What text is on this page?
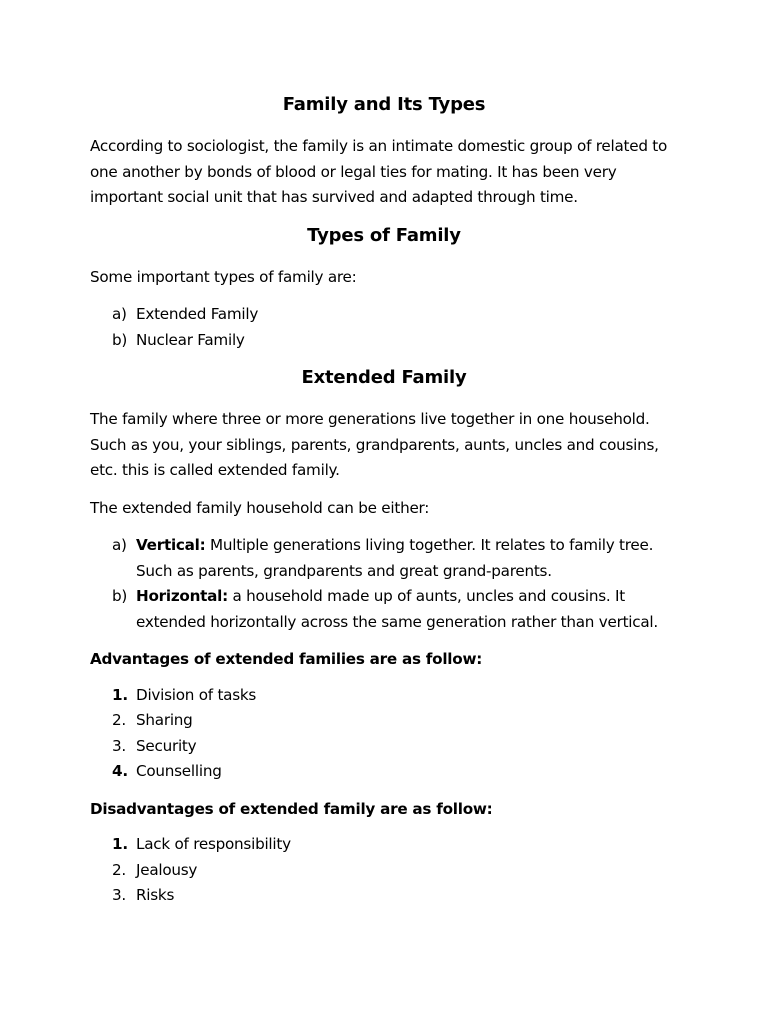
Family and Its Types

According to sociologist, the family is an intimate domestic group of related to one another by bonds of blood or legal ties for mating. It has been very important social unit that has survived and adapted through time.

Types of Family

Some important types of family are:

a) Extended Family
b) Nuclear Family
Extended Family

The family where three or more generations live together in one household. Such as you, your siblings, parents, grandparents, aunts, uncles and cousins, etc. this is called extended family.

The extended family household can be either:

a) Vertical: Multiple generations living together. It relates to family tree. Such as parents, grandparents and great grand-parents.
b) Horizontal: a household made up of aunts, uncles and cousins. It extended horizontally across the same generation rather than vertical.

Advantages of extended families are as follow:

1. Division of tasks
2. Sharing
3. Security
4. Counselling

Disadvantages of extended family are as follow:

1. Lack of responsibility
2. Jealousy
3. Risks
